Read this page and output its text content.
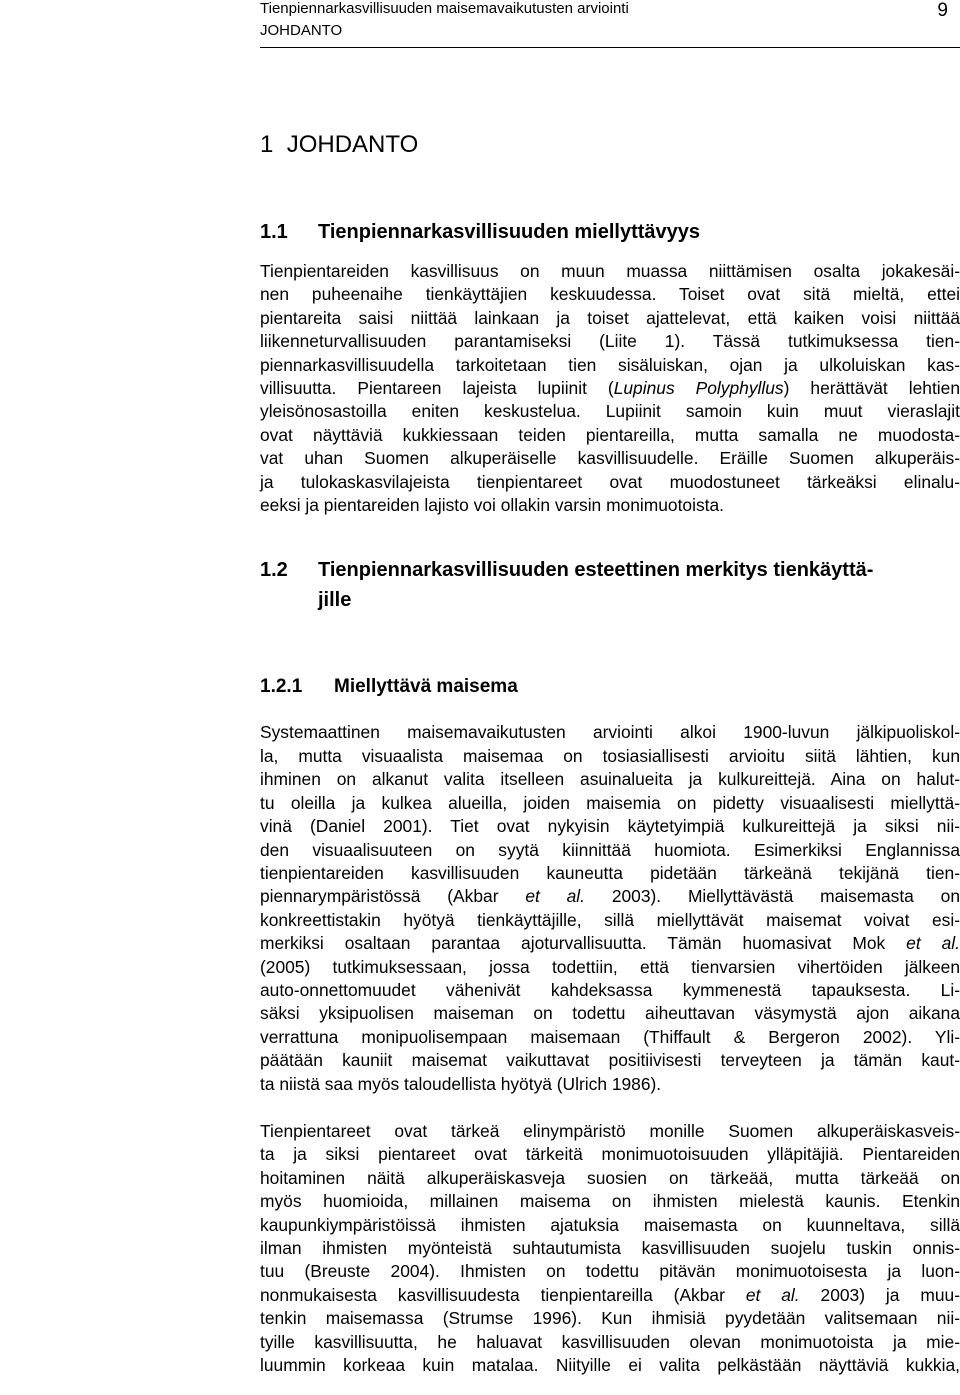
Tienpiennarkasvillisuuden maisemavaikutusten arviointi
JOHDANTO
9
1 JOHDANTO
1.1	Tienpiennarkasvillisuuden miellyttävyys

Tienpientareiden kasvillisuus on muun muassa niittämisen osalta jokakesäi-
nen puheenaihe tienkäyttäjien keskuudessa. Toiset ovat sitä mieltä, ettei
pientareita saisi niittää lainkaan ja toiset ajattelevat, että kaiken voisi niittää
liikenneturvallisuuden parantamiseksi (Liite 1). Tässä tutkimuksessa tien-
piennarkasvillisuudella tarkoitetaan tien sisäluiskan, ojan ja ulkoluiskan kas-
villisuutta. Pientareen lajeista lupiinit (Lupinus Polyphyllus) herättävät lehtien
yleisönosastoilla eniten keskustelua. Lupiinit samoin kuin muut vieraslajit
ovat näyttäviä kukkiessaan teiden pientareilla, mutta samalla ne muodosta-
vat uhan Suomen alkuperäiselle kasvillisuudelle. Eräille Suomen alkuperäis-
ja tulokaskasvilajeista tienpientareet ovat muodostuneet tärkeäksi elinalu-
eeksi ja pientareiden lajisto voi ollakin varsin monimuotoista.

1.2	Tienpiennarkasvillisuuden esteettinen merkitys tienkäyttä-
jille
1.2.1	Miellyttävä maisema

Systemaattinen maisemavaikutusten arviointi alkoi 1900-luvun jälkipuoliskol-
la, mutta visuaalista maisemaa on tosiasiallisesti arvioitu siitä lähtien, kun
ihminen on alkanut valita itselleen asuinalueita ja kulkureittejä. Aina on halut-
tu oleilla ja kulkea alueilla, joiden maisemia on pidetty visuaalisesti miellyttä-
vinä (Daniel 2001). Tiet ovat nykyisin käytetyimpiä kulkureittejä ja siksi nii-
den visuaalisuuteen on syytä kiinnittää huomiota. Esimerkiksi Englannissa
tienpientareiden kasvillisuuden kauneutta pidetään tärkeänä tekijänä tien-
piennarympäristössä (Akbar et al. 2003). Miellyttävästä maisemasta on
konkreettistakin hyötyä tienkäyttäjille, sillä miellyttävät maisemat voivat esi-
merkiksi osaltaan parantaa ajoturvallisuutta. Tämän huomasivat Mok et al.
(2005) tutkimuksessaan, jossa todettiin, että tienvarsien vihertöiden jälkeen
auto-onnettomuudet vähenivät kahdeksassa kymmenestä tapauksesta. Li-
säksi yksipuolisen maiseman on todettu aiheuttavan väsymystä ajon aikana
verrattuna monipuolisempaan maisemaan (Thiffault & Bergeron 2002). Yli-
päätään kauniit maisemat vaikuttavat positiivisesti terveyteen ja tämän kaut-
ta niistä saa myös taloudellista hyötyä (Ulrich 1986).

Tienpientareet ovat tärkeä elinympäristö monille Suomen alkuperäiskasveis-
ta ja siksi pientareet ovat tärkeitä monimuotoisuuden ylläpitäjiä. Pientareiden
hoitaminen näitä alkuperäiskasveja suosien on tärkeää, mutta tärkeää on
myös huomioida, millainen maisema on ihmisten mielestä kaunis. Etenkin
kaupunkiympäristöissä ihmisten ajatuksia maisemasta on kuunneltava, sillä
ilman ihmisten myönteistä suhtautumista kasvillisuuden suojelu tuskin onnis-
tuu (Breuste 2004). Ihmisten on todettu pitävän monimuotoisesta ja luon-
nonmukaisesta kasvillisuudesta tienpientareilla (Akbar et al. 2003) ja muu-
tenkin maisemassa (Strumse 1996). Kun ihmisiä pyydetään valitsemaan nii-
tyille kasvillisuutta, he haluavat kasvillisuuden olevan monimuotoista ja mie-
luummin korkeaa kuin matalaa. Niityille ei valita pelkästään näyttäviä kukkia,
